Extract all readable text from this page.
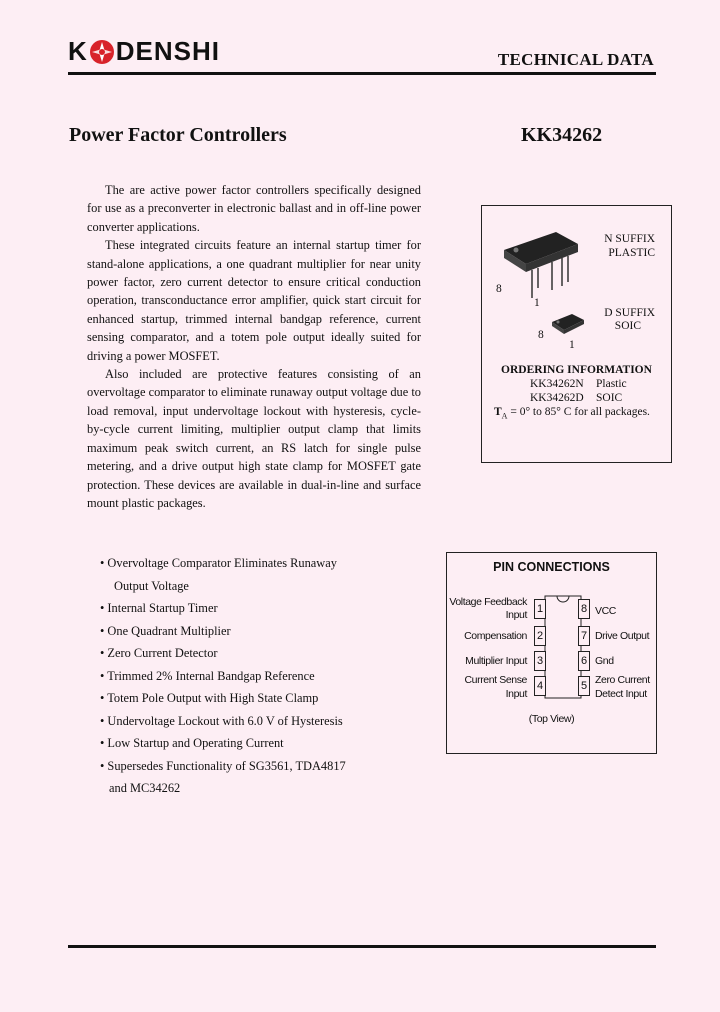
K DENSHI	TECHNICAL DATA
Power Factor Controllers	KK34262

The are active power factor controllers specifically designed for use as a preconverter in electronic ballast and in off-line power converter applications.

These integrated circuits feature an internal startup timer for stand-alone applications, a one quadrant multiplier for near unity power factor, zero current detector to ensure critical conduction operation, transconductance error amplifier, quick start circuit for enhanced startup, trimmed internal bandgap reference, current sensing comparator, and a totem pole output ideally suited for driving a power MOSFET.

Also included are protective features consisting of an overvoltage comparator to eliminate runaway output voltage due to load removal, input undervoltage lockout with hysteresis, cycle-by-cycle current limiting, multiplier output clamp that limits maximum peak switch current, an RS latch for single pulse metering, and a drive output high state clamp for MOSFET gate protection. These devices are available in dual-in-line and surface mount plastic packages.

8
1
N SUFFIX
PLASTIC
8
1
D SUFFIX
SOIC
ORDERING INFORMATION
KK34262N Plastic
KK34262D SOIC
$T_A = 0^\circ$ to 85° C for all packages.
• Overvoltage Comparator Eliminates Runaway
Output Voltage
• Internal Startup Timer
• One Quadrant Multiplier
• Zero Current Detector
• Trimmed 2% Internal Bandgap Reference
• Totem Pole Output with High State Clamp
• Undervoltage Lockout with 6.0 V of Hysteresis
• Low Startup and Operating Current
• Supersedes Functionality of SG3561, TDA4817
and MC34262
PIN CONNECTIONS
1
2
3
4
8
7
6
5
Voltage Feedback
Input
Compensation
Multiplier Input
Current Sense
Input
VCC
Drive Output
Gnd
Zero Current
Detect Input
(Top View)
